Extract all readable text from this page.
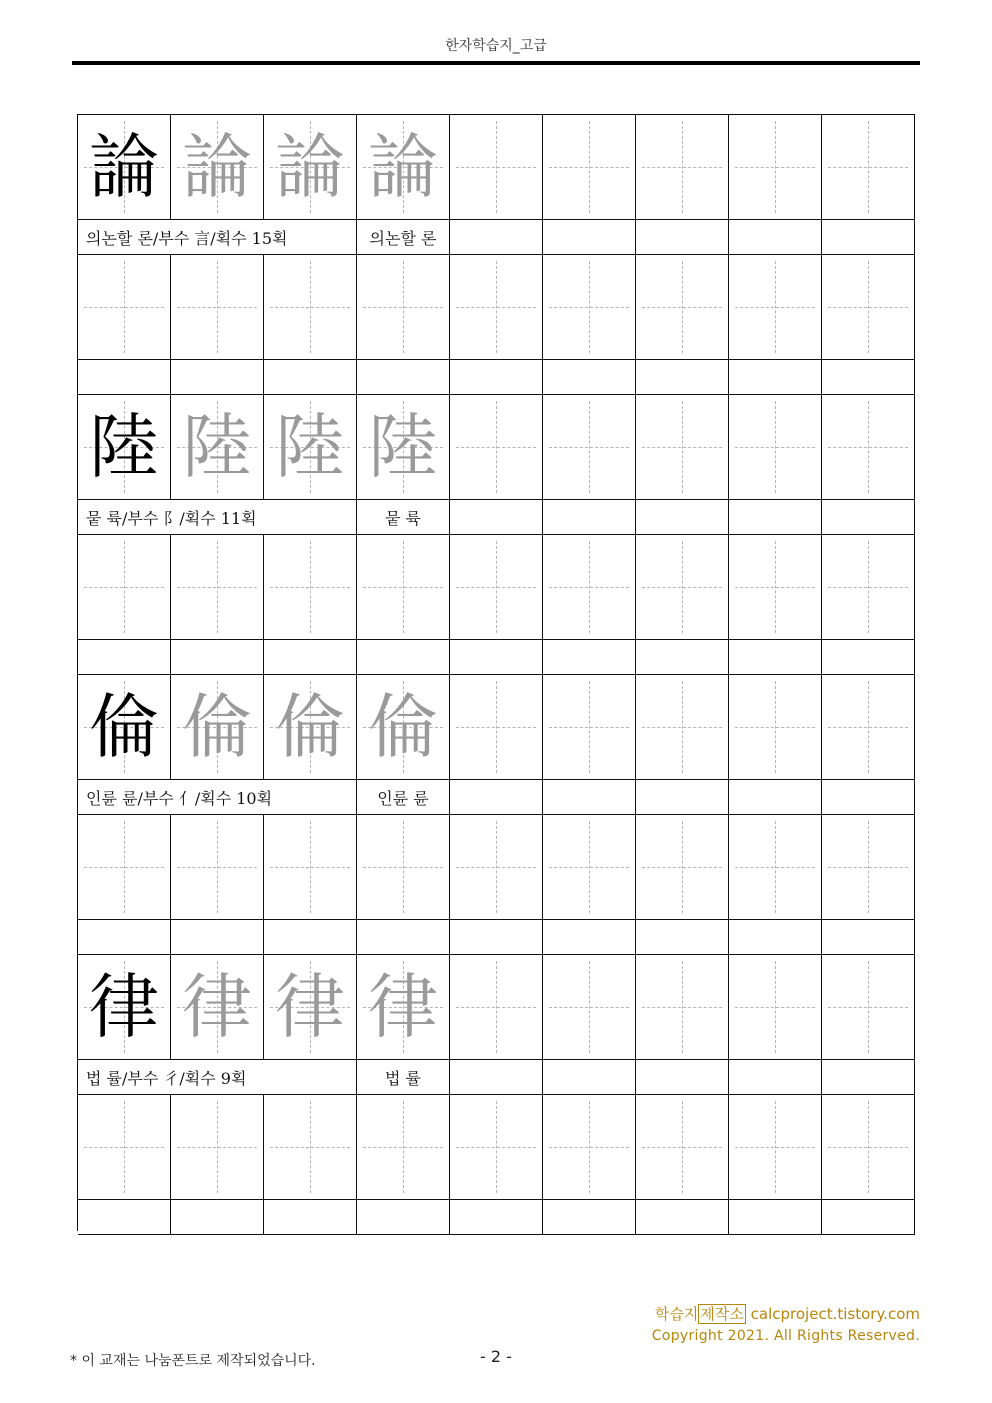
한자학습지_고급
論 論 論 論
의논할 론/부수 言/획수 15획	의논할 론
陸 陸 陸 陸
뭍 륙/부수 阝/획수 11획	뭍 륙
倫 倫 倫 倫
인륜 륜/부수 亻/획수 10획	인륜 륜
律 律 律 律
법 률/부수 彳/획수 9획	법 률
학습지 제작소 calcproject.tistory.com
Copyright 2021. All Rights Reserved.
* 이 교재는 나눔폰트로 제작되었습니다.	- 2 -
